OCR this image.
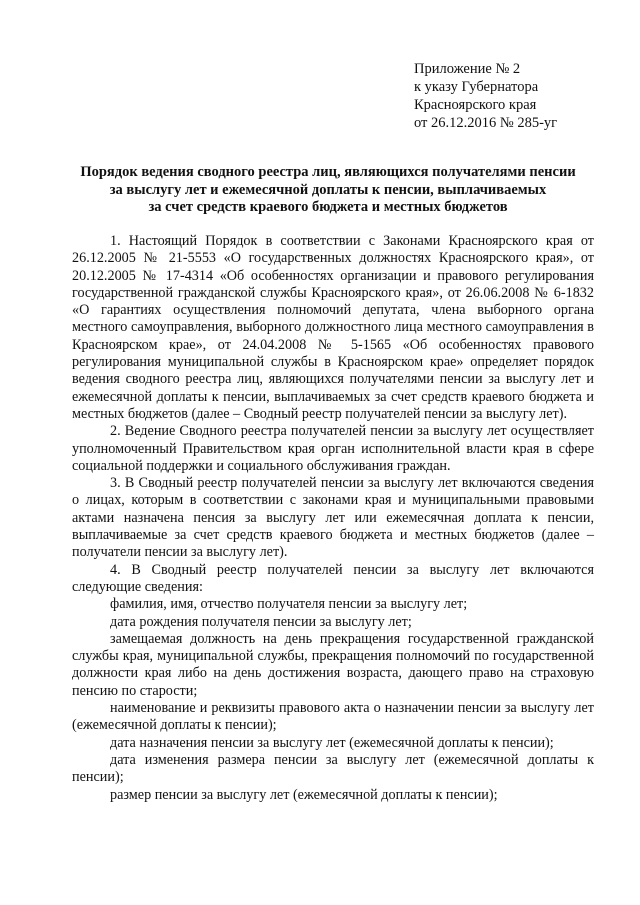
Приложение № 2
к указу Губернатора
Красноярского края
от 26.12.2016 № 285-уг
Порядок ведения сводного реестра лиц, являющихся получателями пенсии
за выслугу лет и ежемесячной доплаты к пенсии, выплачиваемых
за счет средств краевого бюджета и местных бюджетов

1. Настоящий Порядок в соответствии с Законами Красноярского края от 26.12.2005 № 21-5553 «О государственных должностях Красноярского края», от 20.12.2005 № 17-4314 «Об особенностях организации и правового регулирования государственной гражданской службы Красноярского края», от 26.06.2008 № 6-1832 «О гарантиях осуществления полномочий депутата, члена выборного органа местного самоуправления, выборного должностного лица местного самоуправления в Красноярском крае», от 24.04.2008 № 5-1565 «Об особенностях правового регулирования муниципальной службы в Красноярском крае» определяет порядок ведения сводного реестра лиц, являющихся получателями пенсии за выслугу лет и ежемесячной доплаты к пенсии, выплачиваемых за счет средств краевого бюджета и местных бюджетов (далее – Сводный реестр получателей пенсии за выслугу лет).

2. Ведение Сводного реестра получателей пенсии за выслугу лет осуществляет уполномоченный Правительством края орган исполнительной власти края в сфере социальной поддержки и социального обслуживания граждан.

3. В Сводный реестр получателей пенсии за выслугу лет включаются сведения о лицах, которым в соответствии с законами края и муниципальными правовыми актами назначена пенсия за выслугу лет или ежемесячная доплата к пенсии, выплачиваемые за счет средств краевого бюджета и местных бюджетов (далее – получатели пенсии за выслугу лет).

4. В Сводный реестр получателей пенсии за выслугу лет включаются следующие сведения:

фамилия, имя, отчество получателя пенсии за выслугу лет;

дата рождения получателя пенсии за выслугу лет;

замещаемая должность на день прекращения государственной гражданской службы края, муниципальной службы, прекращения полномочий по государственной должности края либо на день достижения возраста, дающего право на страховую пенсию по старости;

наименование и реквизиты правового акта о назначении пенсии за выслугу лет (ежемесячной доплаты к пенсии);

дата назначения пенсии за выслугу лет (ежемесячной доплаты к пенсии);

дата изменения размера пенсии за выслугу лет (ежемесячной доплаты к пенсии);

размер пенсии за выслугу лет (ежемесячной доплаты к пенсии);
